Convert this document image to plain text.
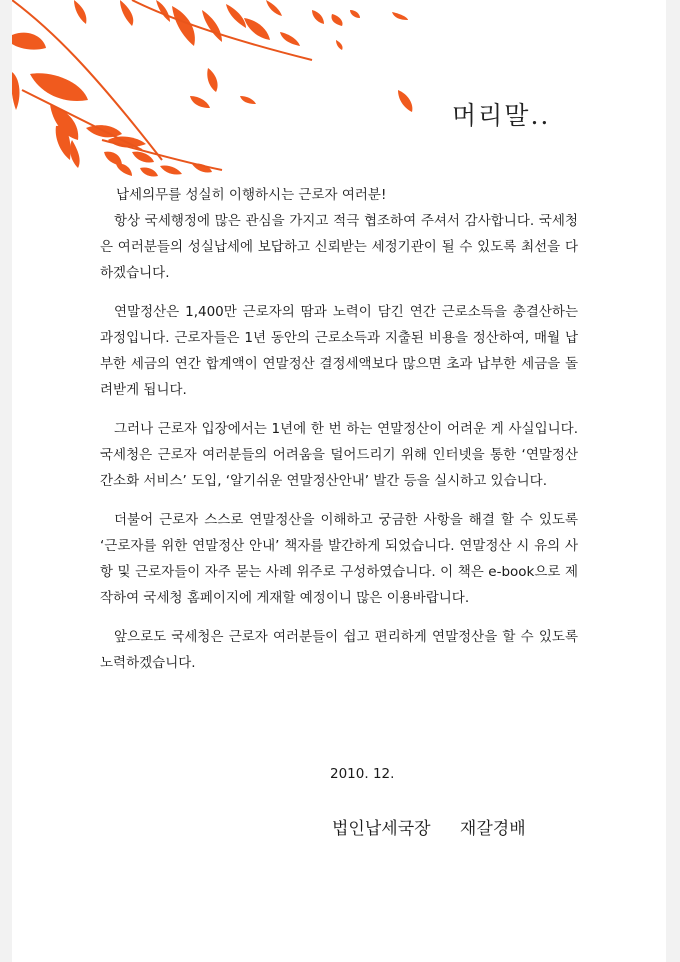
머리말..

납세의무를 성실히 이행하시는 근로자 여러분!

항상 국세행정에 많은 관심을 가지고 적극 협조하여 주셔서 감사합니다. 국세청은 여러분들의 성실납세에 보답하고 신뢰받는 세정기관이 될 수 있도록 최선을 다하겠습니다.

연말정산은 1,400만 근로자의 땀과 노력이 담긴 연간 근로소득을 총결산하는 과정입니다. 근로자들은 1년 동안의 근로소득과 지출된 비용을 정산하여, 매월 납부한 세금의 연간 합계액이 연말정산 결정세액보다 많으면 초과 납부한 세금을 돌려받게 됩니다.

그러나 근로자 입장에서는 1년에 한 번 하는 연말정산이 어려운 게 사실입니다. 국세청은 근로자 여러분들의 어려움을 덜어드리기 위해 인터넷을 통한 ‘연말정산간소화 서비스’ 도입, ‘알기쉬운 연말정산안내’ 발간 등을 실시하고 있습니다.

더불어 근로자 스스로 연말정산을 이해하고 궁금한 사항을 해결 할 수 있도록 ‘근로자를 위한 연말정산 안내’ 책자를 발간하게 되었습니다. 연말정산 시 유의 사항 및 근로자들이 자주 묻는 사례 위주로 구성하였습니다. 이 책은 e-book으로 제작하여 국세청 홈페이지에 게재할 예정이니 많은 이용바랍니다.

앞으로도 국세청은 근로자 여러분들이 쉽고 편리하게 연말정산을 할 수 있도록 노력하겠습니다.

2010. 12.
법인납세국장 재갈경배
